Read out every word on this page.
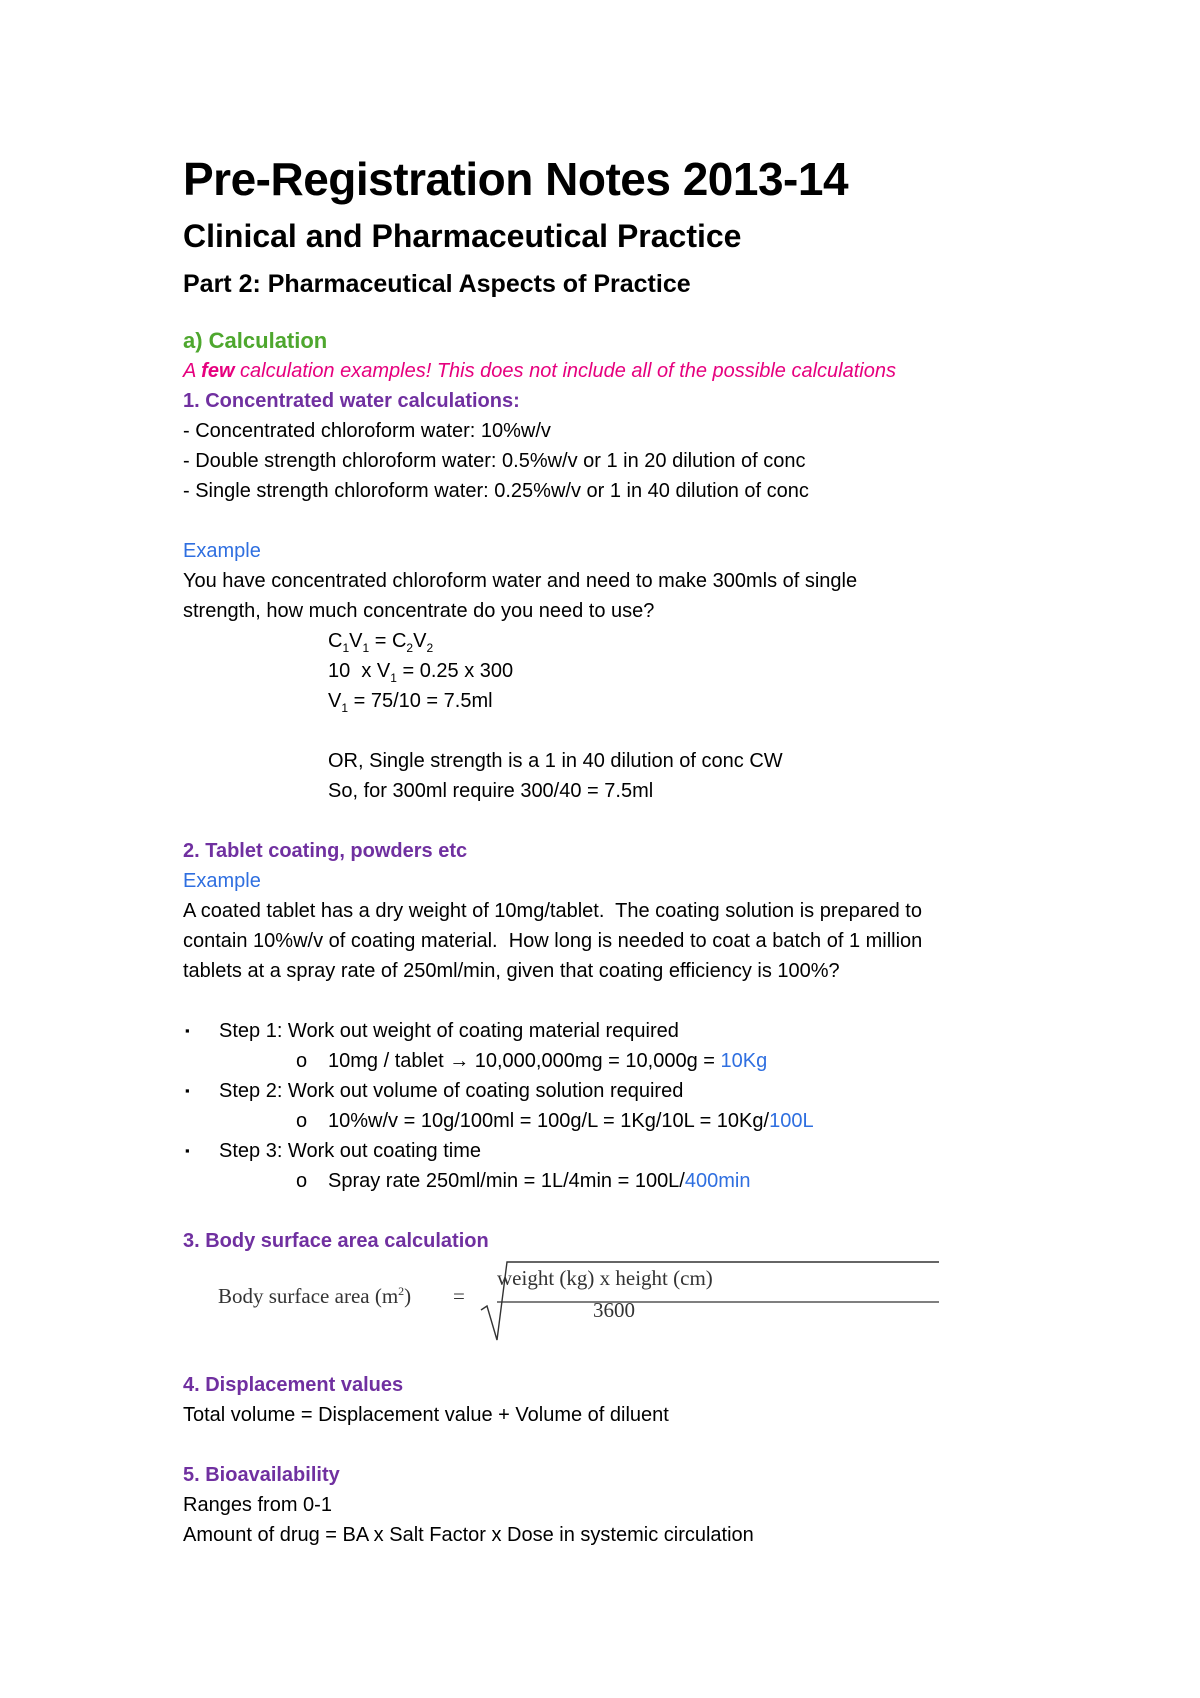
Pre-Registration Notes 2013-14
Clinical and Pharmaceutical Practice
Part 2: Pharmaceutical Aspects of Practice
a) Calculation
A few calculation examples! This does not include all of the possible calculations
1. Concentrated water calculations:
- Concentrated chloroform water: 10%w/v
- Double strength chloroform water: 0.5%w/v or 1 in 20 dilution of conc
- Single strength chloroform water: 0.25%w/v or 1 in 40 dilution of conc
Example
You have concentrated chloroform water and need to make 300mls of single
strength, how much concentrate do you need to use?
$C_1V_1 = C_2V_2$
10  x $V_1 = 0.25$ x 300
$V_1 = 75/10 = 7.5ml$
OR, Single strength is a 1 in 40 dilution of conc CW
So, for 300ml require 300/40 = 7.5ml
2. Tablet coating, powders etc
Example
A coated tablet has a dry weight of 10mg/tablet.  The coating solution is prepared to
contain 10%w/v of coating material.  How long is needed to coat a batch of 1 million
tablets at a spray rate of 250ml/min, given that coating efficiency is 100%?
▪ Step 1: Work out weight of coating material required
o 10mg / tablet → 10,000,000mg = 10,000g = 10Kg
▪ Step 2: Work out volume of coating solution required
o 10%w/v = 10g/100ml = 100g/L = 1Kg/10L = 10Kg/100L
▪ Step 3: Work out coating time
o Spray rate 250ml/min = 1L/4min = 100L/400min
3. Body surface area calculation
Body surface area $(m^2)$ =
weight (kg) x height (cm)
3600
4. Displacement values
Total volume = Displacement value + Volume of diluent
5. Bioavailability
Ranges from 0-1
Amount of drug = BA x Salt Factor x Dose in systemic circulation
